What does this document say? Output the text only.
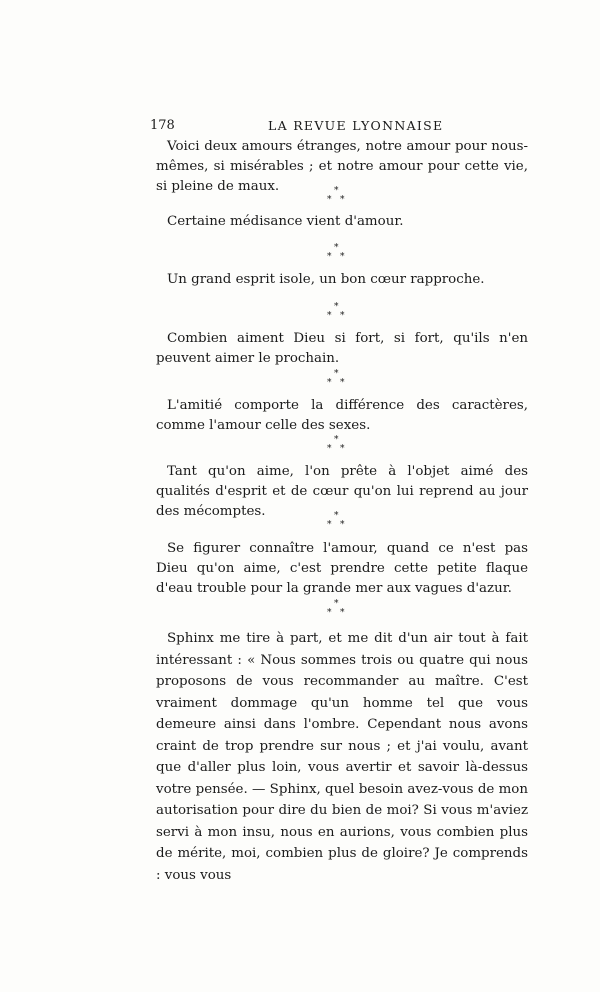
178	LA REVUE LYONNAISE

Voici deux amours étranges, notre amour pour nous-mêmes, si misérables ; et notre amour pour cette vie, si pleine de maux.	*
* *

Certaine médisance vient d'amour.

*
* *

Un grand esprit isole, un bon cœur rapproche.

*
* *

Combien aiment Dieu si fort, si fort, qu'ils n'en peuvent aimer le prochain.

*
* *

L'amitié comporte la différence des caractères, comme l'amour celle des sexes.

*
* *

Tant qu'on aime, l'on prête à l'objet aimé des qualités d'esprit et de cœur qu'on lui reprend au jour des mécomptes.	*
* *

Se figurer connaître l'amour, quand ce n'est pas Dieu qu'on aime, c'est prendre cette petite flaque d'eau trouble pour la grande mer aux vagues d'azur.

*
* *

Sphinx me tire à part, et me dit d'un air tout à fait intéressant : « Nous sommes trois ou quatre qui nous proposons de vous recommander au maître. C'est vraiment dommage qu'un homme tel que vous demeure ainsi dans l'ombre. Cependant nous avons craint de trop prendre sur nous ; et j'ai voulu, avant que d'aller plus loin, vous avertir et savoir là-dessus votre pensée. — Sphinx, quel besoin avez-vous de mon autorisation pour dire du bien de moi? Si vous m'aviez servi à mon insu, nous en aurions, vous combien plus de mérite, moi, combien plus de gloire? Je comprends : vous vous
